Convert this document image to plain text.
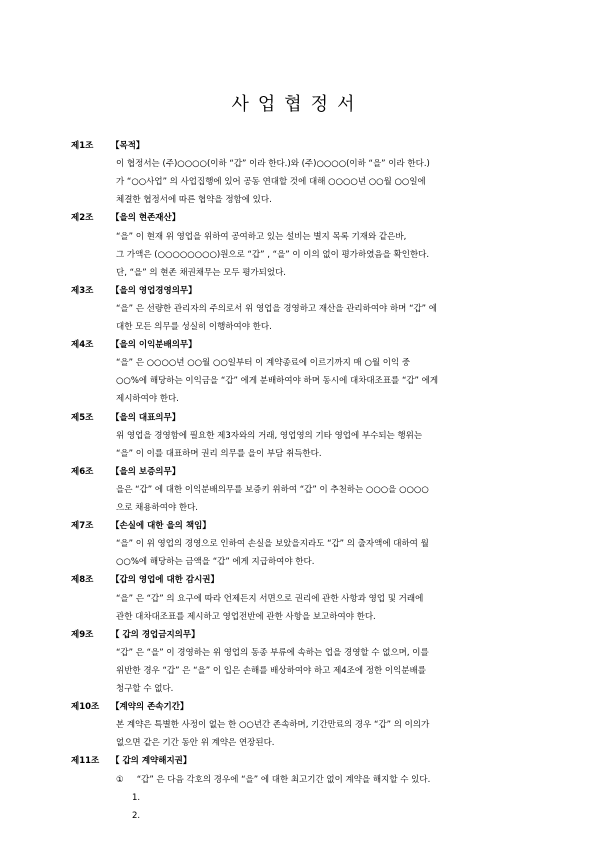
사업협정서
제1조 【목적】
이 협정서는 (주)○○○○(이하 “갑” 이라 한다.)와 (주)○○○○(이하 “을” 이라 한다.)
가 “○○사업” 의 사업집행에 있어 공동 연대할 것에 대해 ○○○○년 ○○월 ○○일에
체결한 협정서에 따른 협약을 정함에 있다.
제2조 【을의 현존재산】
“을” 이 현재 위 영업을 위하여 공여하고 있는 설비는 별지 목록 기재와 같은바,
그 가액은 (○○○○○○○○)원으로 “갑” , “을” 이 이의 없이 평가하였음을 확인한다.
단, “을” 의 현존 채권채무는 모두 평가되었다.
제3조 【을의 영업경영의무】
“을” 은 선량한 관리자의 주의로서 위 영업을 경영하고 재산을 관리하여야 하며 “갑” 에
대한 모든 의무를 성실히 이행하여야 한다.
제4조 【을의 이익분배의무】
“을” 은 ○○○○년 ○○월 ○○일부터 이 계약종료에 이르기까지 매 ○월 이익 중
○○%에 해당하는 이익금을 “갑” 에게 분배하여야 하며 동시에 대차대조표를 “갑” 에게
제시하여야 한다.
제5조 【을의 대표의무】
위 영업을 경영함에 필요한 제3자와의 거래, 영업영의 기타 영업에 부수되는 행위는
“을” 이 이를 대표하며 권리 의무를 을이 부담 취득한다.
제6조 【을의 보증의무】
을은 “갑” 에 대한 이익분배의무를 보증키 위하여 “갑” 이 추천하는 ○○○을 ○○○○
으로 채용하여야 한다.
제7조 【손실에 대한 을의 책임】
“을” 이 위 영업의 경영으로 인하여 손실을 보았을지라도 “갑” 의 출자액에 대하여 월
○○%에 해당하는 금액을 “갑” 에게 지급하여야 한다.
제8조 【갑의 영업에 대한 감시권】
“을” 은 “갑” 의 요구에 따라 언제든지 서면으로 권리에 관한 사항과 영업 및 거래에
관한 대차대조표를 제시하고 영업전반에 관한 사항을 보고하여야 한다.
제9조 【 갑의 경업금지의무】
“갑” 은 “을” 이 경영하는 위 영업의 동종 부류에 속하는 업을 경영할 수 없으며, 이를
위반한 경우 “갑” 은 “을” 이 입은 손해를 배상하여야 하고 제4조에 정한 이익분배를
청구할 수 없다.
제10조 【계약의 존속기간】
본 계약은 특별한 사정이 없는 한 ○○년간 존속하며, 기간만료의 경우 “갑” 의 이의가
없으면 같은 기간 동안 위 계약은 연장된다.
제11조 【 갑의 계약해지권】
① “갑” 은 다음 각호의 경우에 “을” 에 대한 최고기간 없이 계약을 해지할 수 있다.
1.
2.
